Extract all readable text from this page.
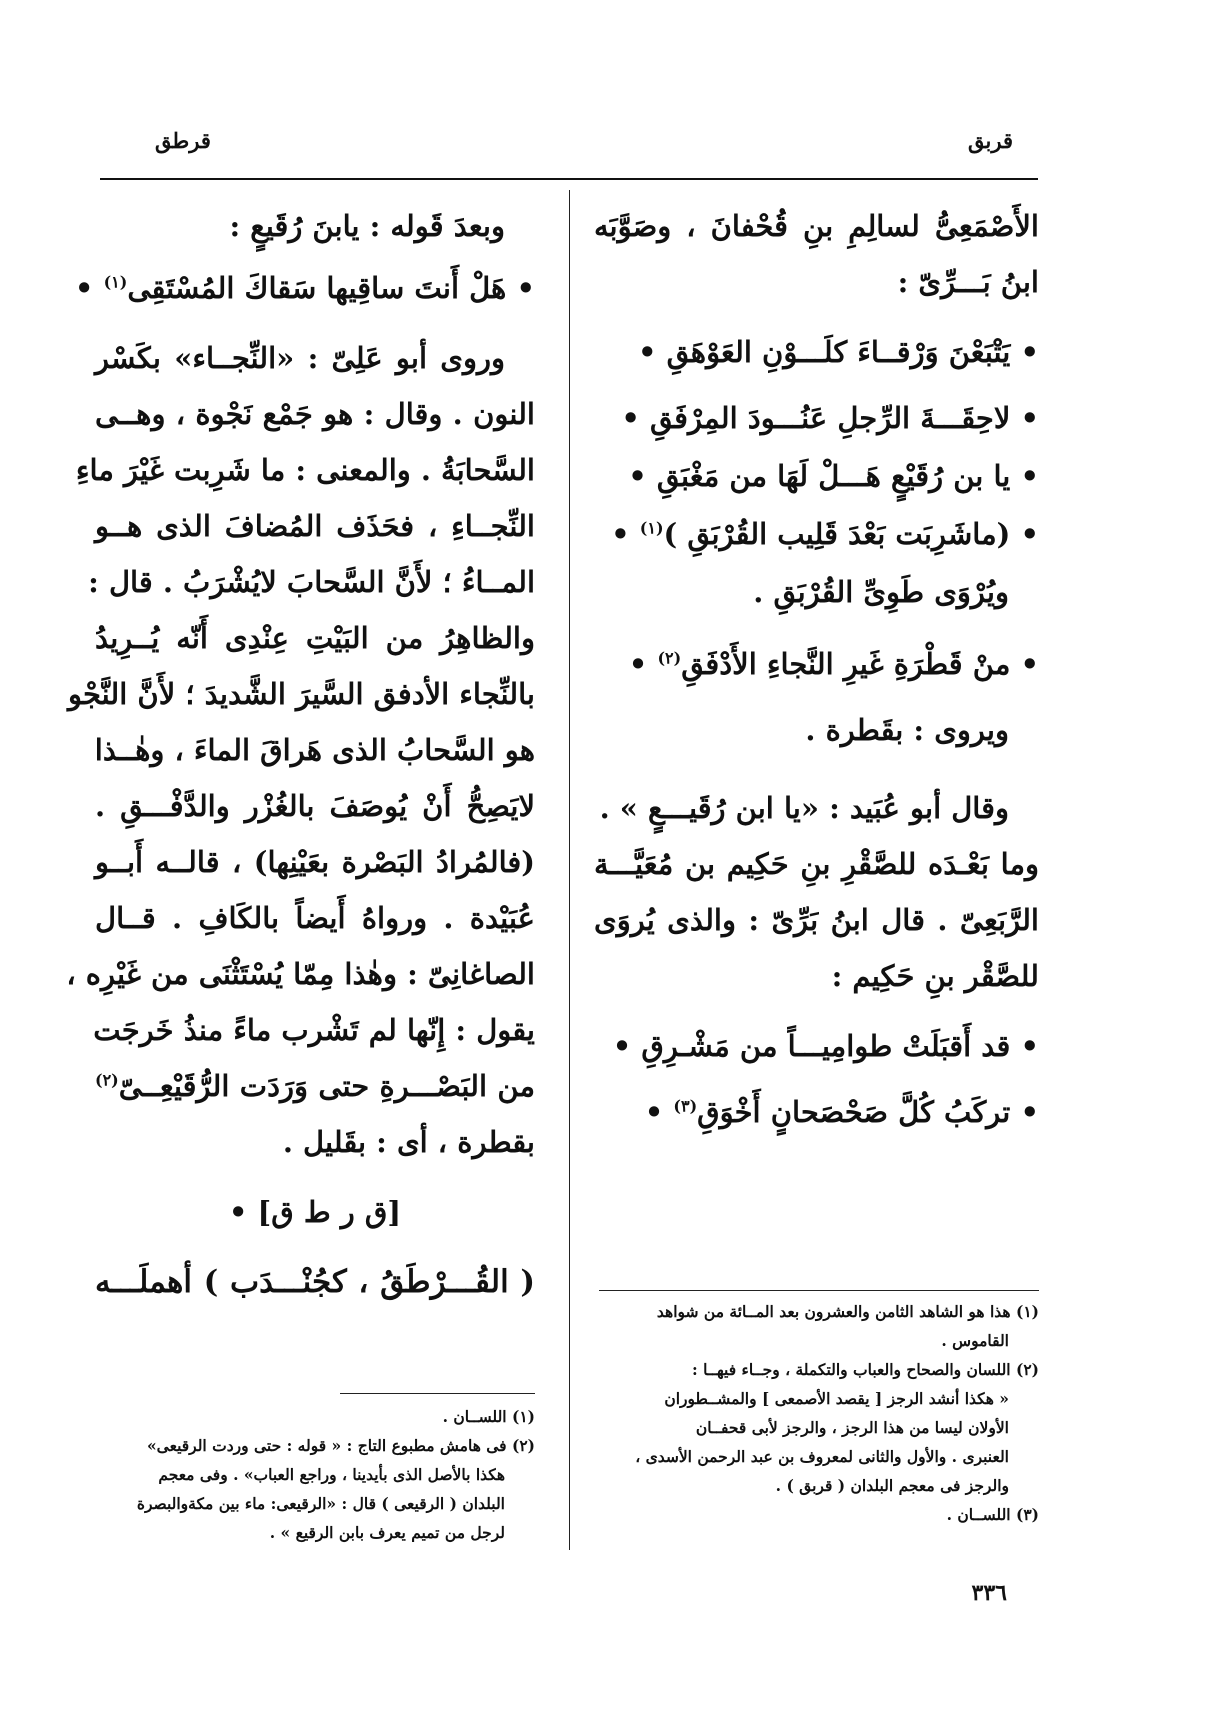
قربق
قرطق
الأَصْمَعِىُّ لسالِمِ بنِ قُحْفانَ ، وصَوَّبَه
ابنُ بَـــرِّىّ :
• يَتْبَعْنَ وَرْقــاءَ كلَـــوْنِ العَوْهَقِ •
• لاحِقَـــةَ الرِّجلِ عَنُـــودَ المِرْفَقِ •
• يا بن رُقَيْعٍ هَـــلْ لَهَا من مَغْبَقِ •
• (ماشَرِبَت بَعْدَ قَلِيب القُرْبَقِ )$^{(١)}$ •
ويُرْوَى طَوِىِّ القُرْبَقِ .
• منْ قَطْرَةِ غَيرِ النَّجاءِ الأَدْفَقِ$^{(٢)}$ •
ويروى : بقَطرة .
وقال أبو عُبَيد : «يا ابن رُقَيـــعٍ » .
وما بَعْـدَه للصَّقْرِ بنِ حَكِيم بن مُعَيَّـــة
الرَّبَعِىّ . قال ابنُ بَرِّىّ : والذى يُروَى
للصَّقْر بنِ حَكِيم :
• قد أَقبَلَتْ طوامِيـــاً من مَشْـرِقِ •
• تركَبُ كُلَّ صَحْصَحانٍ أَخْوَقِ$^{(٣)}$ •
(١) هذا هو الشاهد الثامن والعشرون بعد المــائة من شواهد
القاموس .
(٢) اللسان والصحاح والعباب والتكملة ، وجــاء فيهــا :
« هكذا أنشد الرجز [ يقصد الأصمعى ] والمشــطوران
الأولان ليسا من هذا الرجز ، والرجز لأبى قحفــان
العنبرى . والأول والثانى لمعروف بن عبد الرحمن الأسدى ،
والرجز فى معجم البلدان ( قربق ) .
(٣) اللســان .
وبعدَ قَوله : يابنَ رُقَيعٍ :
• هَلْ أَنتَ ساقِيها سَقاكَ المُسْتَقِى$^{(١)}$ •
وروى أبو عَلِىّ : «النِّجــاء» بكَسْر
النون . وقال : هو جَمْع نَجْوة ، وهــى
السَّحابَةُ . والمعنى : ما شَرِبت غَيْرَ ماءِ
النِّجــاءِ ، فحَذَف المُضافَ الذى هــو
المــاءُ ؛ لأَنَّ السَّحابَ لايُشْرَبُ . قال :
والظاهِرُ من البَيْتِ عِنْدِى أَنّه يُــرِيدُ
بالنِّجاء الأدفق السَّيرَ الشَّديدَ ؛ لأَنَّ النَّجْو
هو السَّحابُ الذى هَراقَ الماءَ ، وهٰــذا
لايَصِحُّ أَنْ يُوصَفَ بالغُزْر والدَّفْـــقِ .
(فالمُرادُ البَصْرة بعَيْنِها) ، قالــه أَبــو
عُبَيْدة . ورواهُ أَيضاً بالكَافِ . قــال
الصاغانِىّ : وهٰذا مِمّا يُسْتَثْنَى من غَيْرِه ،
يقول : إِنّها لم تَشْرب ماءً منذُ خَرجَت
من البَصْـــرةِ حتى وَرَدَت الرُّقَيْعِــىّ$^{(٢)}$
بقطرة ، أى : بقَليل .
[ق ر ط ق] •
( القُـــرْطَقُ ، كجُنْـــدَب ) أهملَـــه
(١) اللســان .
(٢) فى هامش مطبوع التاج : « قوله : حتى وردت الرقيعى»
هكذا بالأصل الذى بأيدينا ، وراجع العباب» . وفى معجم
البلدان ( الرقيعى ) قال : «الرقيعى: ماء بين مكةوالبصرة
لرجل من تميم يعرف بابن الرقيع » .
٣٣٦
